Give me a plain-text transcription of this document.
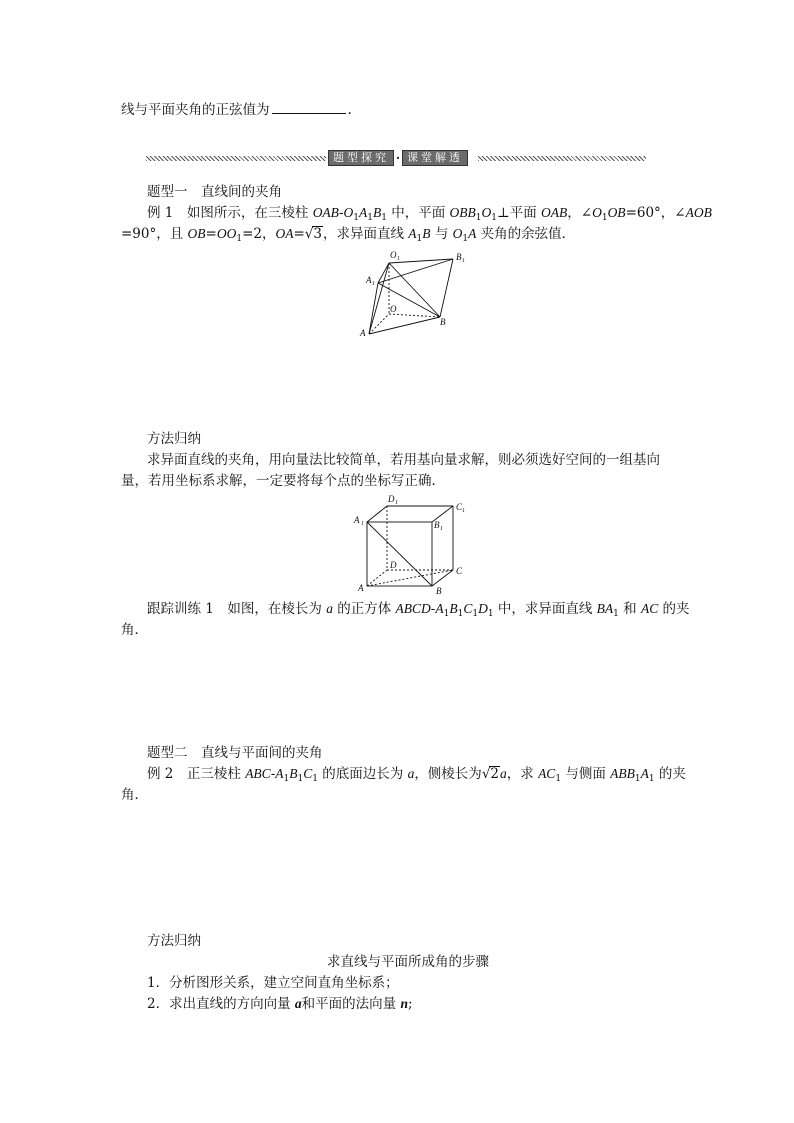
线与平面夹角的正弦值为	.
题型探究 · 课堂解透
题型一　直线间的夹角
例 1　 如图所示，在三棱柱 OAB-$O_1A_1B_1$ 中，平面 $OBB_1O_1\perp$平面 OAB，$\angle O_1OB=60^\circ$，∠AOB
=90°，且 $OB=OO_1=2$，OA=√3，求异面直线 $A_1B$ 与 $O_1A$ 夹角的余弦值．
O 1	B 1
A 1
O
B
A
方法归纳
求异面直线的夹角，用向量法比较简单，若用基向量求解，则必须选好空间的一组基向
量，若用坐标系求解，一定要将每个点的坐标写正确．
D 1	C 1
A 1	B 1
D
C
A	B
跟踪训练 1　 如图，在棱长为 a 的正方体 ABCD-$A_1B_1C_1D_1$ 中，求异面直线 $BA_1$ 和 AC 的夹
角．
题型二　直线与平面间的夹角
例 2　 正三棱柱 ABC-$A_1B_1C_1$ 的底面边长为 a，侧棱长为√2a，求 $AC_1$ 与侧面 $ABB_1A_1$ 的夹
角．
方法归纳
求直线与平面所成角的步骤
1．分析图形关系，建立空间直角坐标系；
2．求出直线的方向向量 a和平面的法向量 n;
